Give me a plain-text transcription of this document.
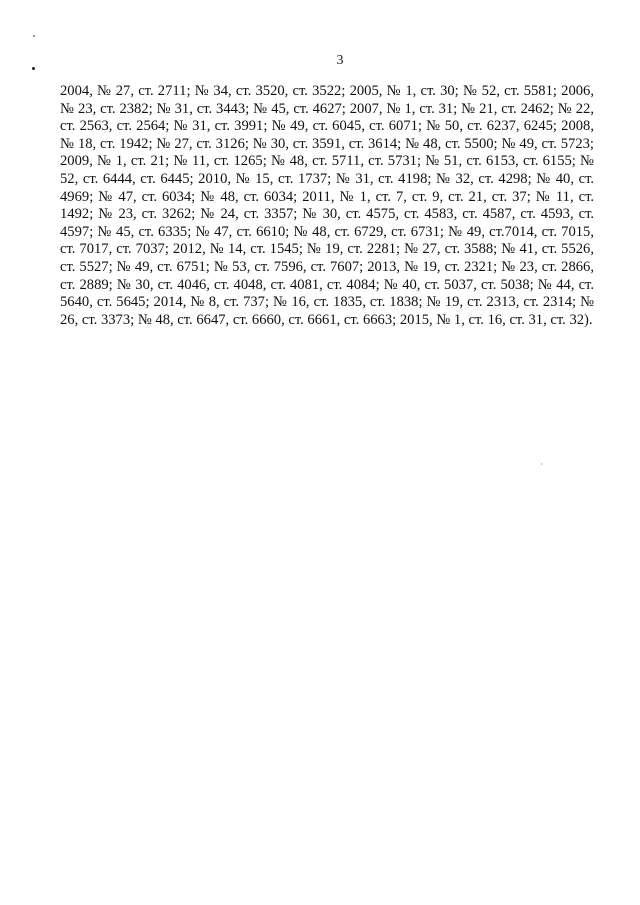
3

2004, № 27, ст. 2711; № 34, ст. 3520, ст. 3522; 2005, № 1, ст. 30; № 52, ст. 5581; 2006, № 23, ст. 2382; № 31, ст. 3443; № 45, ст. 4627; 2007, № 1, ст. 31; № 21, ст. 2462; № 22, ст. 2563, ст. 2564; № 31, ст. 3991; № 49, ст. 6045, ст. 6071; № 50, ст. 6237, 6245; 2008, № 18, ст. 1942; № 27, ст. 3126; № 30, ст. 3591, ст. 3614; № 48, ст. 5500; № 49, ст. 5723; 2009, № 1, ст. 21; № 11, ст. 1265; № 48, ст. 5711, ст. 5731; № 51, ст. 6153, ст. 6155; № 52, ст. 6444, ст. 6445; 2010, № 15, ст. 1737; № 31, ст. 4198; № 32, ст. 4298; № 40, ст. 4969; № 47, ст. 6034; № 48, ст. 6034; 2011, № 1, ст. 7, ст. 9, ст. 21, ст. 37; № 11, ст. 1492; № 23, ст. 3262; № 24, ст. 3357; № 30, ст. 4575, ст. 4583, ст. 4587, ст. 4593, ст. 4597; № 45, ст. 6335; № 47, ст. 6610; № 48, ст. 6729, ст. 6731; № 49, ст.7014, ст. 7015, ст. 7017, ст. 7037; 2012, № 14, ст. 1545; № 19, ст. 2281; № 27, ст. 3588; № 41, ст. 5526, ст. 5527; № 49, ст. 6751; № 53, ст. 7596, ст. 7607; 2013, № 19, ст. 2321; № 23, ст. 2866, ст. 2889; № 30, ст. 4046, ст. 4048, ст. 4081, ст. 4084; № 40, ст. 5037, ст. 5038; № 44, ст. 5640, ст. 5645; 2014, № 8, ст. 737; № 16, ст. 1835, ст. 1838; № 19, ст. 2313, ст. 2314; № 26, ст. 3373; № 48, ст. 6647, ст. 6660, ст. 6661, ст. 6663; 2015, № 1, ст. 16, ст. 31, ст. 32).
